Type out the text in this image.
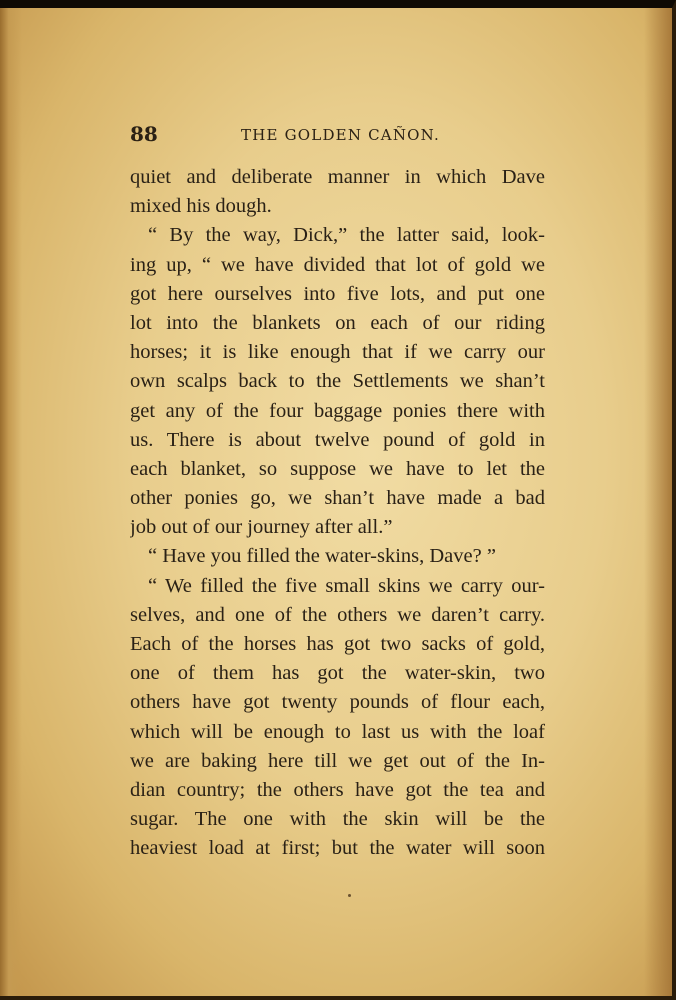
88	THE GOLDEN CAÑON.
quiet and deliberate manner in which Dave
mixed his dough.
“ By the way, Dick,” the latter said, look-
ing up, “ we have divided that lot of gold we
got here ourselves into five lots, and put one
lot into the blankets on each of our riding
horses; it is like enough that if we carry our
own scalps back to the Settlements we shan’t
get any of the four baggage ponies there with
us. There is about twelve pound of gold in
each blanket, so suppose we have to let the
other ponies go, we shan’t have made a bad
job out of our journey after all.”
“ Have you filled the water-skins, Dave? ”
“ We filled the five small skins we carry our-
selves, and one of the others we daren’t carry.
Each of the horses has got two sacks of gold,
one of them has got the water-skin, two
others have got twenty pounds of flour each,
which will be enough to last us with the loaf
we are baking here till we get out of the In-
dian country; the others have got the tea and
sugar. The one with the skin will be the
heaviest load at first; but the water will soon
